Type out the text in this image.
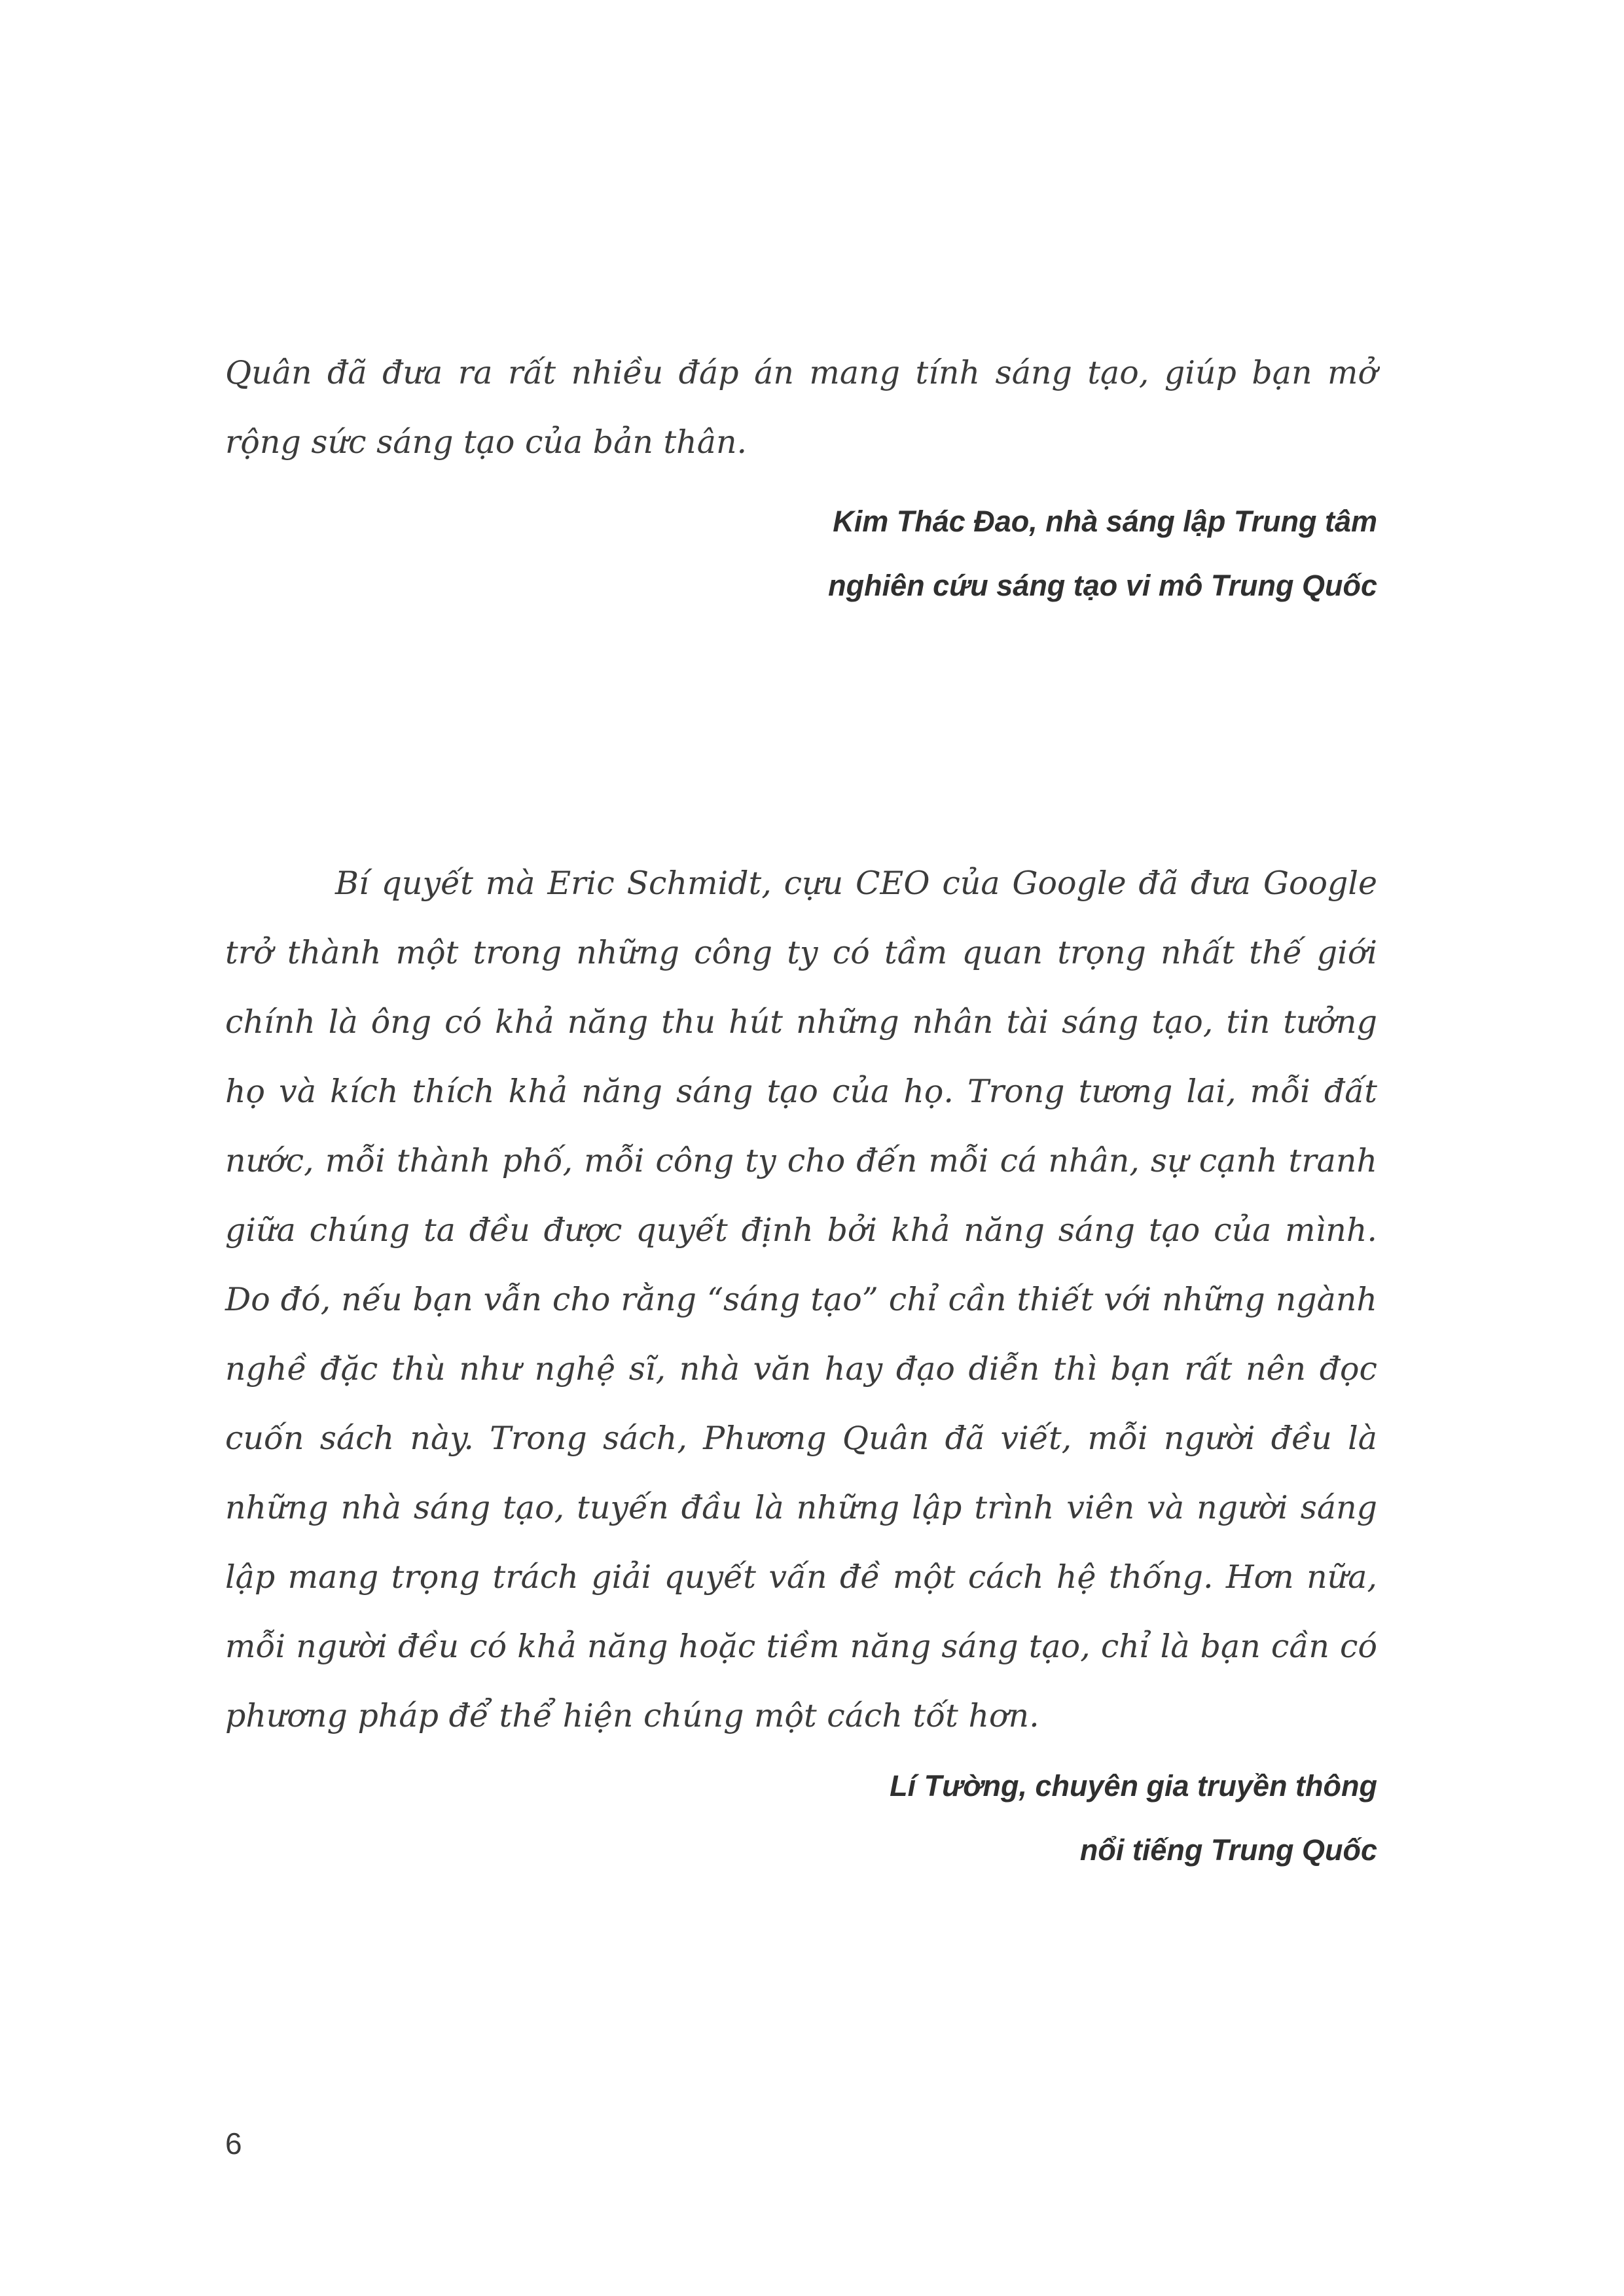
Quân đã đưa ra rất nhiều đáp án mang tính sáng tạo, giúp bạn mở rộng sức sáng tạo của bản thân.

Kim Thác Đao, nhà sáng lập Trung tâm
nghiên cứu sáng tạo vi mô Trung Quốc

Bí quyết mà Eric Schmidt, cựu CEO của Google đã đưa Google trở thành một trong những công ty có tầm quan trọng nhất thế giới chính là ông có khả năng thu hút những nhân tài sáng tạo, tin tưởng họ và kích thích khả năng sáng tạo của họ. Trong tương lai, mỗi đất nước, mỗi thành phố, mỗi công ty cho đến mỗi cá nhân, sự cạnh tranh giữa chúng ta đều được quyết định bởi khả năng sáng tạo của mình. Do đó, nếu bạn vẫn cho rằng “sáng tạo” chỉ cần thiết với những ngành nghề đặc thù như nghệ sĩ, nhà văn hay đạo diễn thì bạn rất nên đọc cuốn sách này. Trong sách, Phương Quân đã viết, mỗi người đều là những nhà sáng tạo, tuyến đầu là những lập trình viên và người sáng lập mang trọng trách giải quyết vấn đề một cách hệ thống. Hơn nữa, mỗi người đều có khả năng hoặc tiềm năng sáng tạo, chỉ là bạn cần có phương pháp để thể hiện chúng một cách tốt hơn.

Lí Tường, chuyên gia truyền thông
nổi tiếng Trung Quốc
6
